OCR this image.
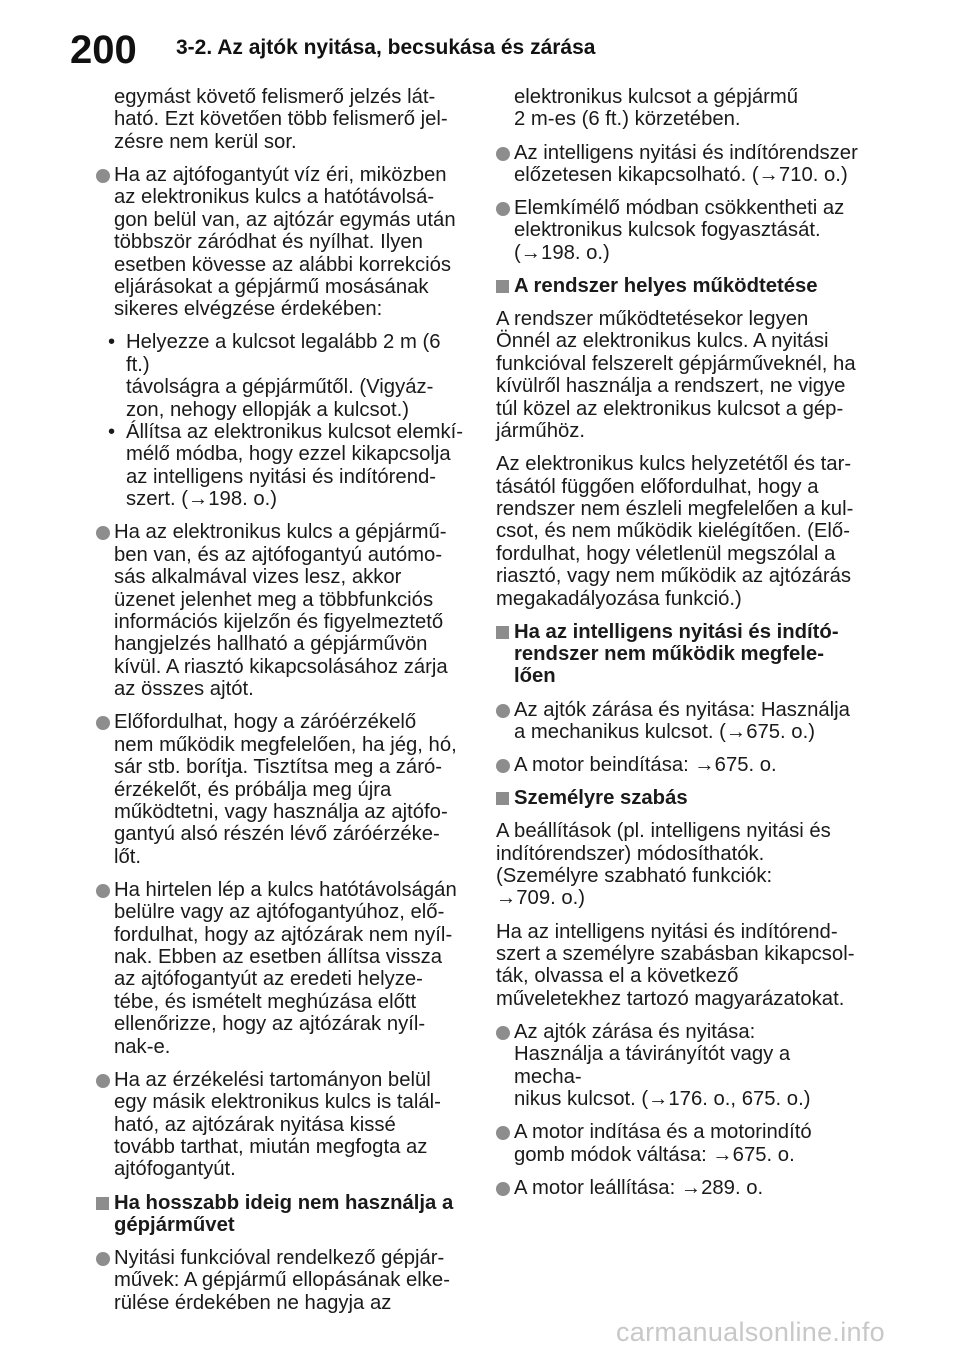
200 3-2. Az ajtók nyitása, becsukása és zárása
egymást követő felismerő jelzés lát-
ható. Ezt követően több felismerő jel-
zésre nem kerül sor.
Ha az ajtófogantyút víz éri, miközben
az elektronikus kulcs a hatótávolsá-
gon belül van, az ajtózár egymás után
többször záródhat és nyílhat. Ilyen
esetben kövesse az alábbi korrekciós
eljárásokat a gépjármű mosásának
sikeres elvégzése érdekében:
• Helyezze a kulcsot legalább 2 m (6 ft.)
távolságra a gépjárműtől. (Vigyáz-
zon, nehogy ellopják a kulcsot.)
• Állítsa az elektronikus kulcsot elemkí-
mélő módba, hogy ezzel kikapcsolja
az intelligens nyitási és indítórend-
szert. (→198. o.)
Ha az elektronikus kulcs a gépjármű-
ben van, és az ajtófogantyú autómo-
sás alkalmával vizes lesz, akkor
üzenet jelenhet meg a többfunkciós
információs kijelzőn és figyelmeztető
hangjelzés hallható a gépjárművön
kívül. A riasztó kikapcsolásához zárja
az összes ajtót.
Előfordulhat, hogy a záróérzékelő
nem működik megfelelően, ha jég, hó,
sár stb. borítja. Tisztítsa meg a záró-
érzékelőt, és próbálja meg újra
működtetni, vagy használja az ajtófo-
gantyú alsó részén lévő záróérzéke-
lőt.
Ha hirtelen lép a kulcs hatótávolságán
belülre vagy az ajtófogantyúhoz, elő-
fordulhat, hogy az ajtózárak nem nyíl-
nak. Ebben az esetben állítsa vissza
az ajtófogantyút az eredeti helyze-
tébe, és ismételt meghúzása előtt
ellenőrizze, hogy az ajtózárak nyíl-
nak-e.
Ha az érzékelési tartományon belül
egy másik elektronikus kulcs is talál-
ható, az ajtózárak nyitása kissé
tovább tarthat, miután megfogta az
ajtófogantyút.
Ha hosszabb ideig nem használja a
gépjárművet
Nyitási funkcióval rendelkező gépjár-
művek: A gépjármű ellopásának elke-
rülése érdekében ne hagyja az
elektronikus kulcsot a gépjármű
2 m-es (6 ft.) körzetében.
Az intelligens nyitási és indítórendszer
előzetesen kikapcsolható. (→710. o.)
Elemkímélő módban csökkentheti az
elektronikus kulcsok fogyasztását.
(→198. o.)
A rendszer helyes működtetése
A rendszer működtetésekor legyen
Önnél az elektronikus kulcs. A nyitási
funkcióval felszerelt gépjárműveknél, ha
kívülről használja a rendszert, ne vigye
túl közel az elektronikus kulcsot a gép-
járműhöz.
Az elektronikus kulcs helyzetétől és tar-
tásától függően előfordulhat, hogy a
rendszer nem észleli megfelelően a kul-
csot, és nem működik kielégítően. (Elő-
fordulhat, hogy véletlenül megszólal a
riasztó, vagy nem működik az ajtózárás
megakadályozása funkció.)
Ha az intelligens nyitási és indító-
rendszer nem működik megfele-
lően
Az ajtók zárása és nyitása: Használja
a mechanikus kulcsot. (→675. o.)
A motor beindítása: →675. o.
Személyre szabás
A beállítások (pl. intelligens nyitási és
indítórendszer) módosíthatók.
(Személyre szabható funkciók:
→709. o.)
Ha az intelligens nyitási és indítórend-
szert a személyre szabásban kikapcsol-
ták, olvassa el a következő
műveletekhez tartozó magyarázatokat.
Az ajtók zárása és nyitása:
Használja a távirányítót vagy a mecha-
nikus kulcsot. (→176. o., 675. o.)
A motor indítása és a motorindító
gomb módok váltása: →675. o.
A motor leállítása: →289. o.
carmanualsonline.info
